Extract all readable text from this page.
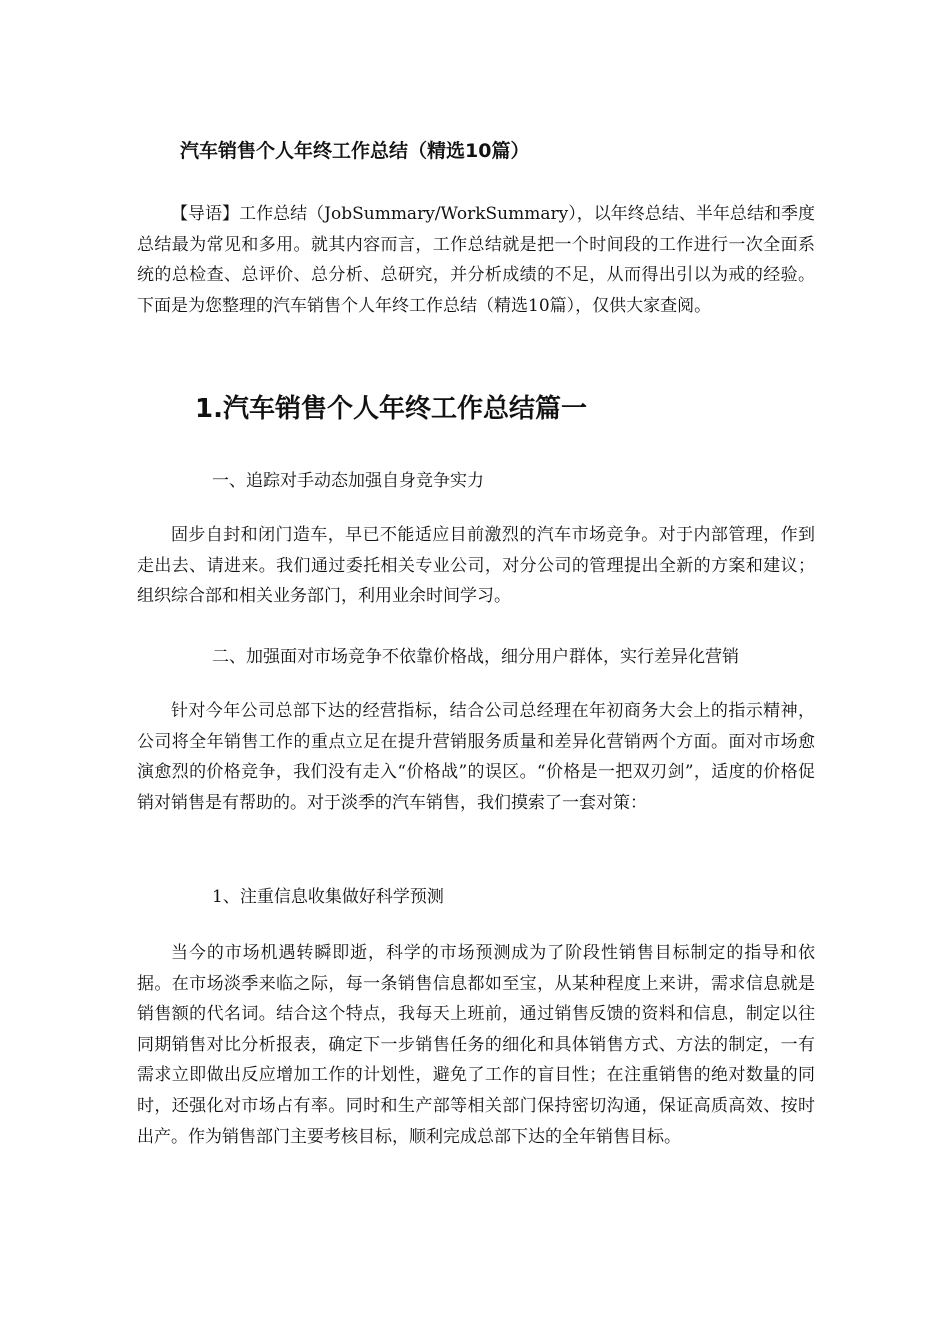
汽车销售个人年终工作总结（精选10篇）

【导语】工作总结（JobSummary/WorkSummary），以年终总结、半年总结和季度总结最为常见和多用。就其内容而言，工作总结就是把一个时间段的工作进行一次全面系统的总检查、总评价、总分析、总研究，并分析成绩的不足，从而得出引以为戒的经验。下面是为您整理的汽车销售个人年终工作总结（精选10篇），仅供大家查阅。

1.汽车销售个人年终工作总结篇一

一、追踪对手动态加强自身竞争实力

固步自封和闭门造车，早已不能适应目前激烈的汽车市场竞争。对于内部管理，作到走出去、请进来。我们通过委托相关专业公司，对分公司的管理提出全新的方案和建议；组织综合部和相关业务部门，利用业余时间学习。

二、加强面对市场竞争不依靠价格战，细分用户群体，实行差异化营销

针对今年公司总部下达的经营指标，结合公司总经理在年初商务大会上的指示精神，公司将全年销售工作的重点立足在提升营销服务质量和差异化营销两个方面。面对市场愈演愈烈的价格竞争，我们没有走入“价格战”的误区。“价格是一把双刃剑”，适度的价格促销对销售是有帮助的。对于淡季的汽车销售，我们摸索了一套对策：

1、注重信息收集做好科学预测

当今的市场机遇转瞬即逝，科学的市场预测成为了阶段性销售目标制定的指导和依据。在市场淡季来临之际，每一条销售信息都如至宝，从某种程度上来讲，需求信息就是销售额的代名词。结合这个特点，我每天上班前，通过销售反馈的资料和信息，制定以往同期销售对比分析报表，确定下一步销售任务的细化和具体销售方式、方法的制定，一有需求立即做出反应增加工作的计划性，避免了工作的盲目性；在注重销售的绝对数量的同时，还强化对市场占有率。同时和生产部等相关部门保持密切沟通，保证高质高效、按时出产。作为销售部门主要考核目标，顺利完成总部下达的全年销售目标。
